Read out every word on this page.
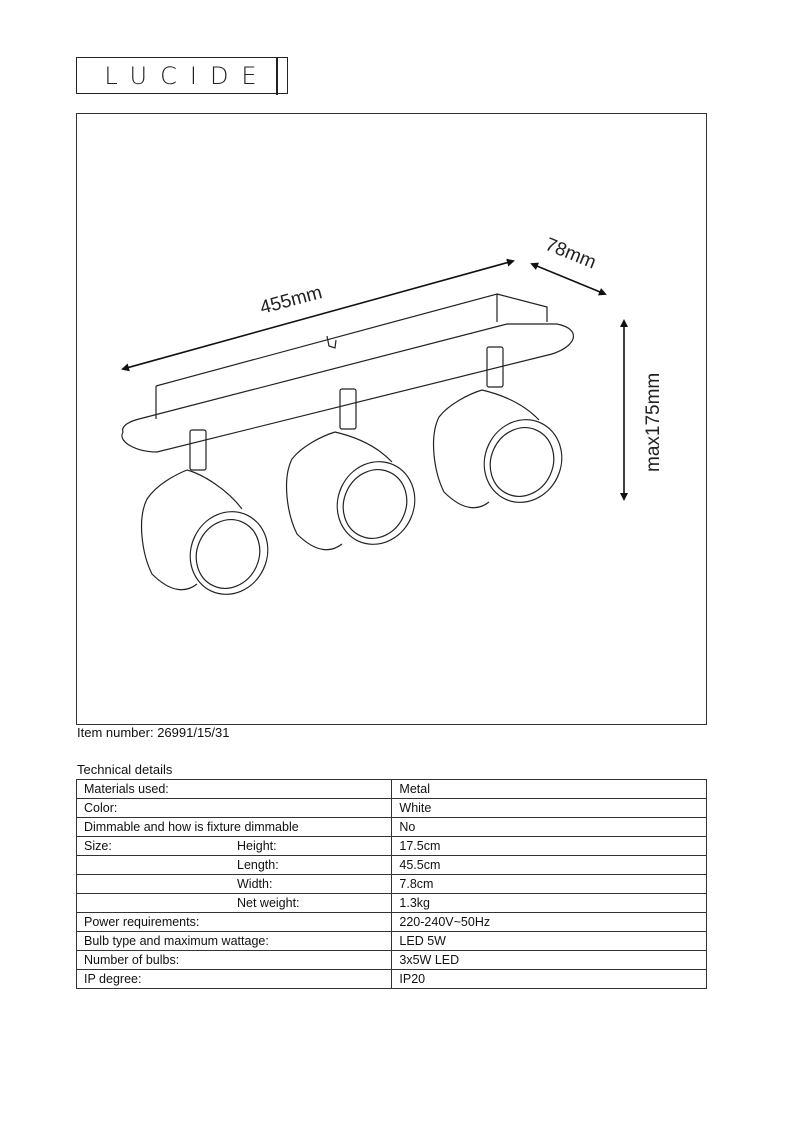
LUCIDE
455mm
78mm
max175mm
Item number: 26991/15/31
Technical details
Materials used:	Metal

Color:	White

Dimmable and how is fixture dimmable	No

Size: Height:	17.5cm

Length:	45.5cm

Width:	7.8cm

Net weight:	1.3kg

Power requirements:	220-240V~50Hz

Bulb type and maximum wattage:	LED 5W

Number of bulbs:	3x5W LED

IP degree:	IP20
